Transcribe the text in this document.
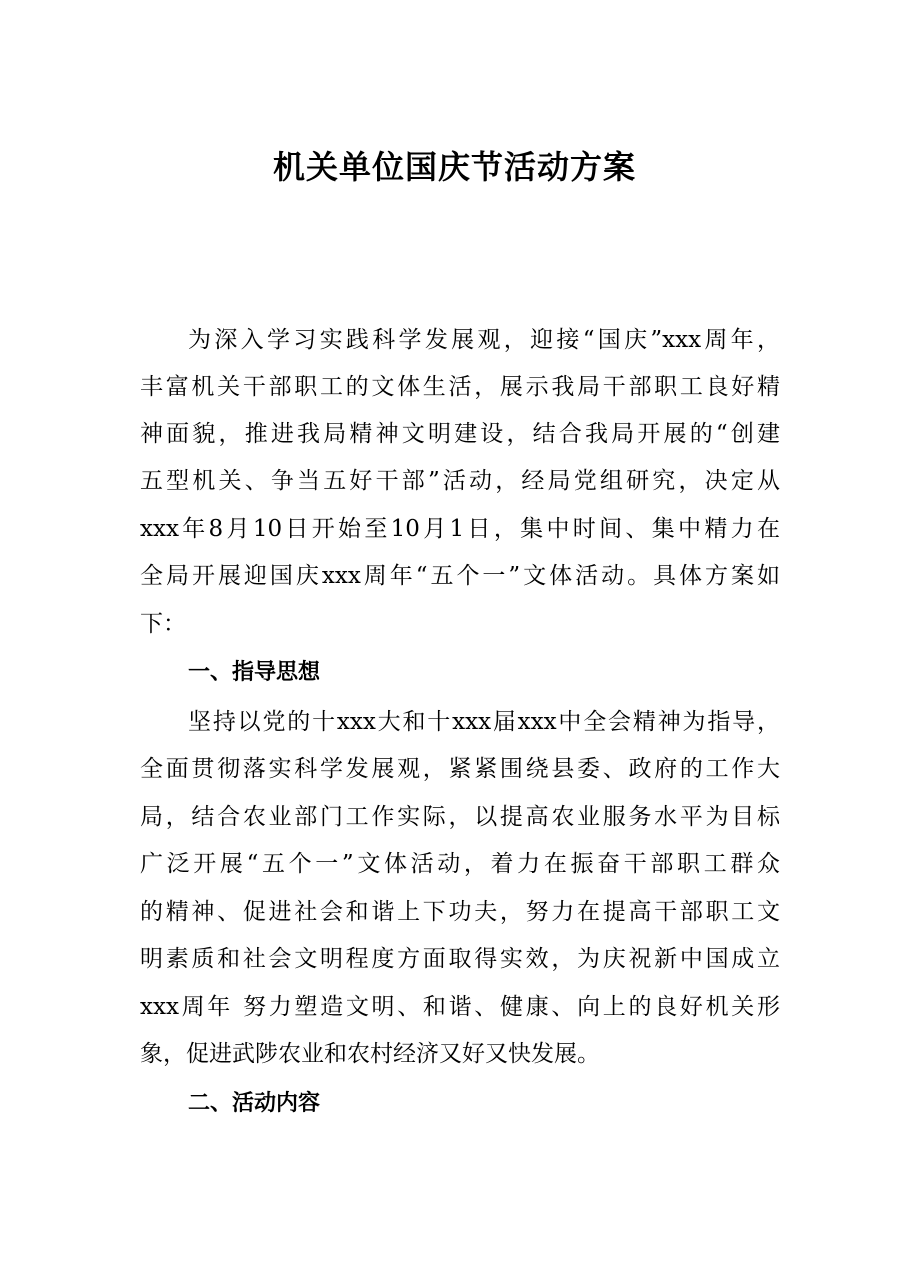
机关单位国庆节活动方案

为深入学习实践科学发展观，迎接“国庆”xxx周年，

丰富机关干部职工的文体生活，展示我局干部职工良好精

神面貌，推进我局精神文明建设，结合我局开展的“创建

五型机关、争当五好干部”活动，经局党组研究，决定从

xxx年8月10日开始至10月1日，集中时间、集中精力在

全局开展迎国庆xxx周年“五个一”文体活动。具体方案如

下：

一、指导思想

坚持以党的十xxx大和十xxx届xxx中全会精神为指导，

全面贯彻落实科学发展观，紧紧围绕县委、政府的工作大

局，结合农业部门工作实际，以提高农业服务水平为目标

广泛开展“五个一”文体活动，着力在振奋干部职工群众

的精神、促进社会和谐上下功夫，努力在提高干部职工文

明素质和社会文明程度方面取得实效，为庆祝新中国成立

xxx周年 努力塑造文明、和谐、健康、向上的良好机关形

象，促进武陟农业和农村经济又好又快发展。

二、活动内容
